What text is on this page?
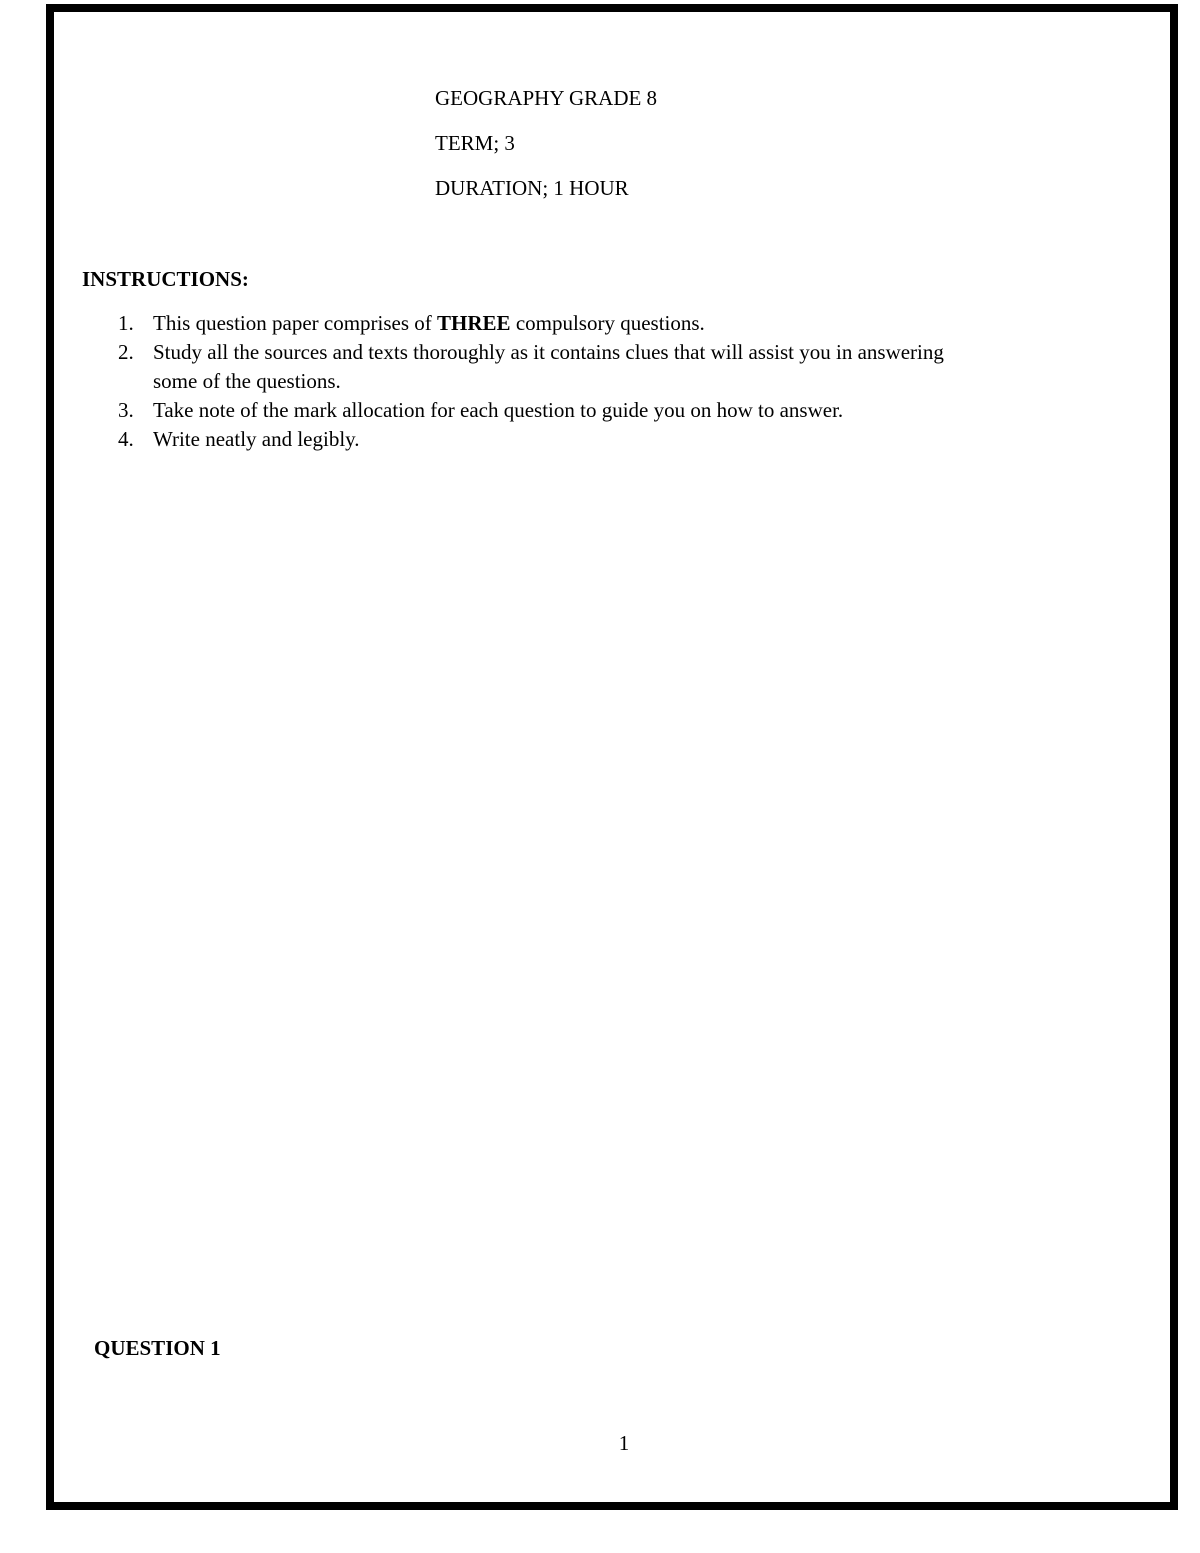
GEOGRAPHY GRADE 8
TERM; 3
DURATION; 1 HOUR
INSTRUCTIONS:
1. This question paper comprises of THREE compulsory questions.
2. Study all the sources and texts thoroughly as it contains clues that will assist you in answering some of the questions.
3. Take note of the mark allocation for each question to guide you on how to answer.
4. Write neatly and legibly.
QUESTION 1
1
